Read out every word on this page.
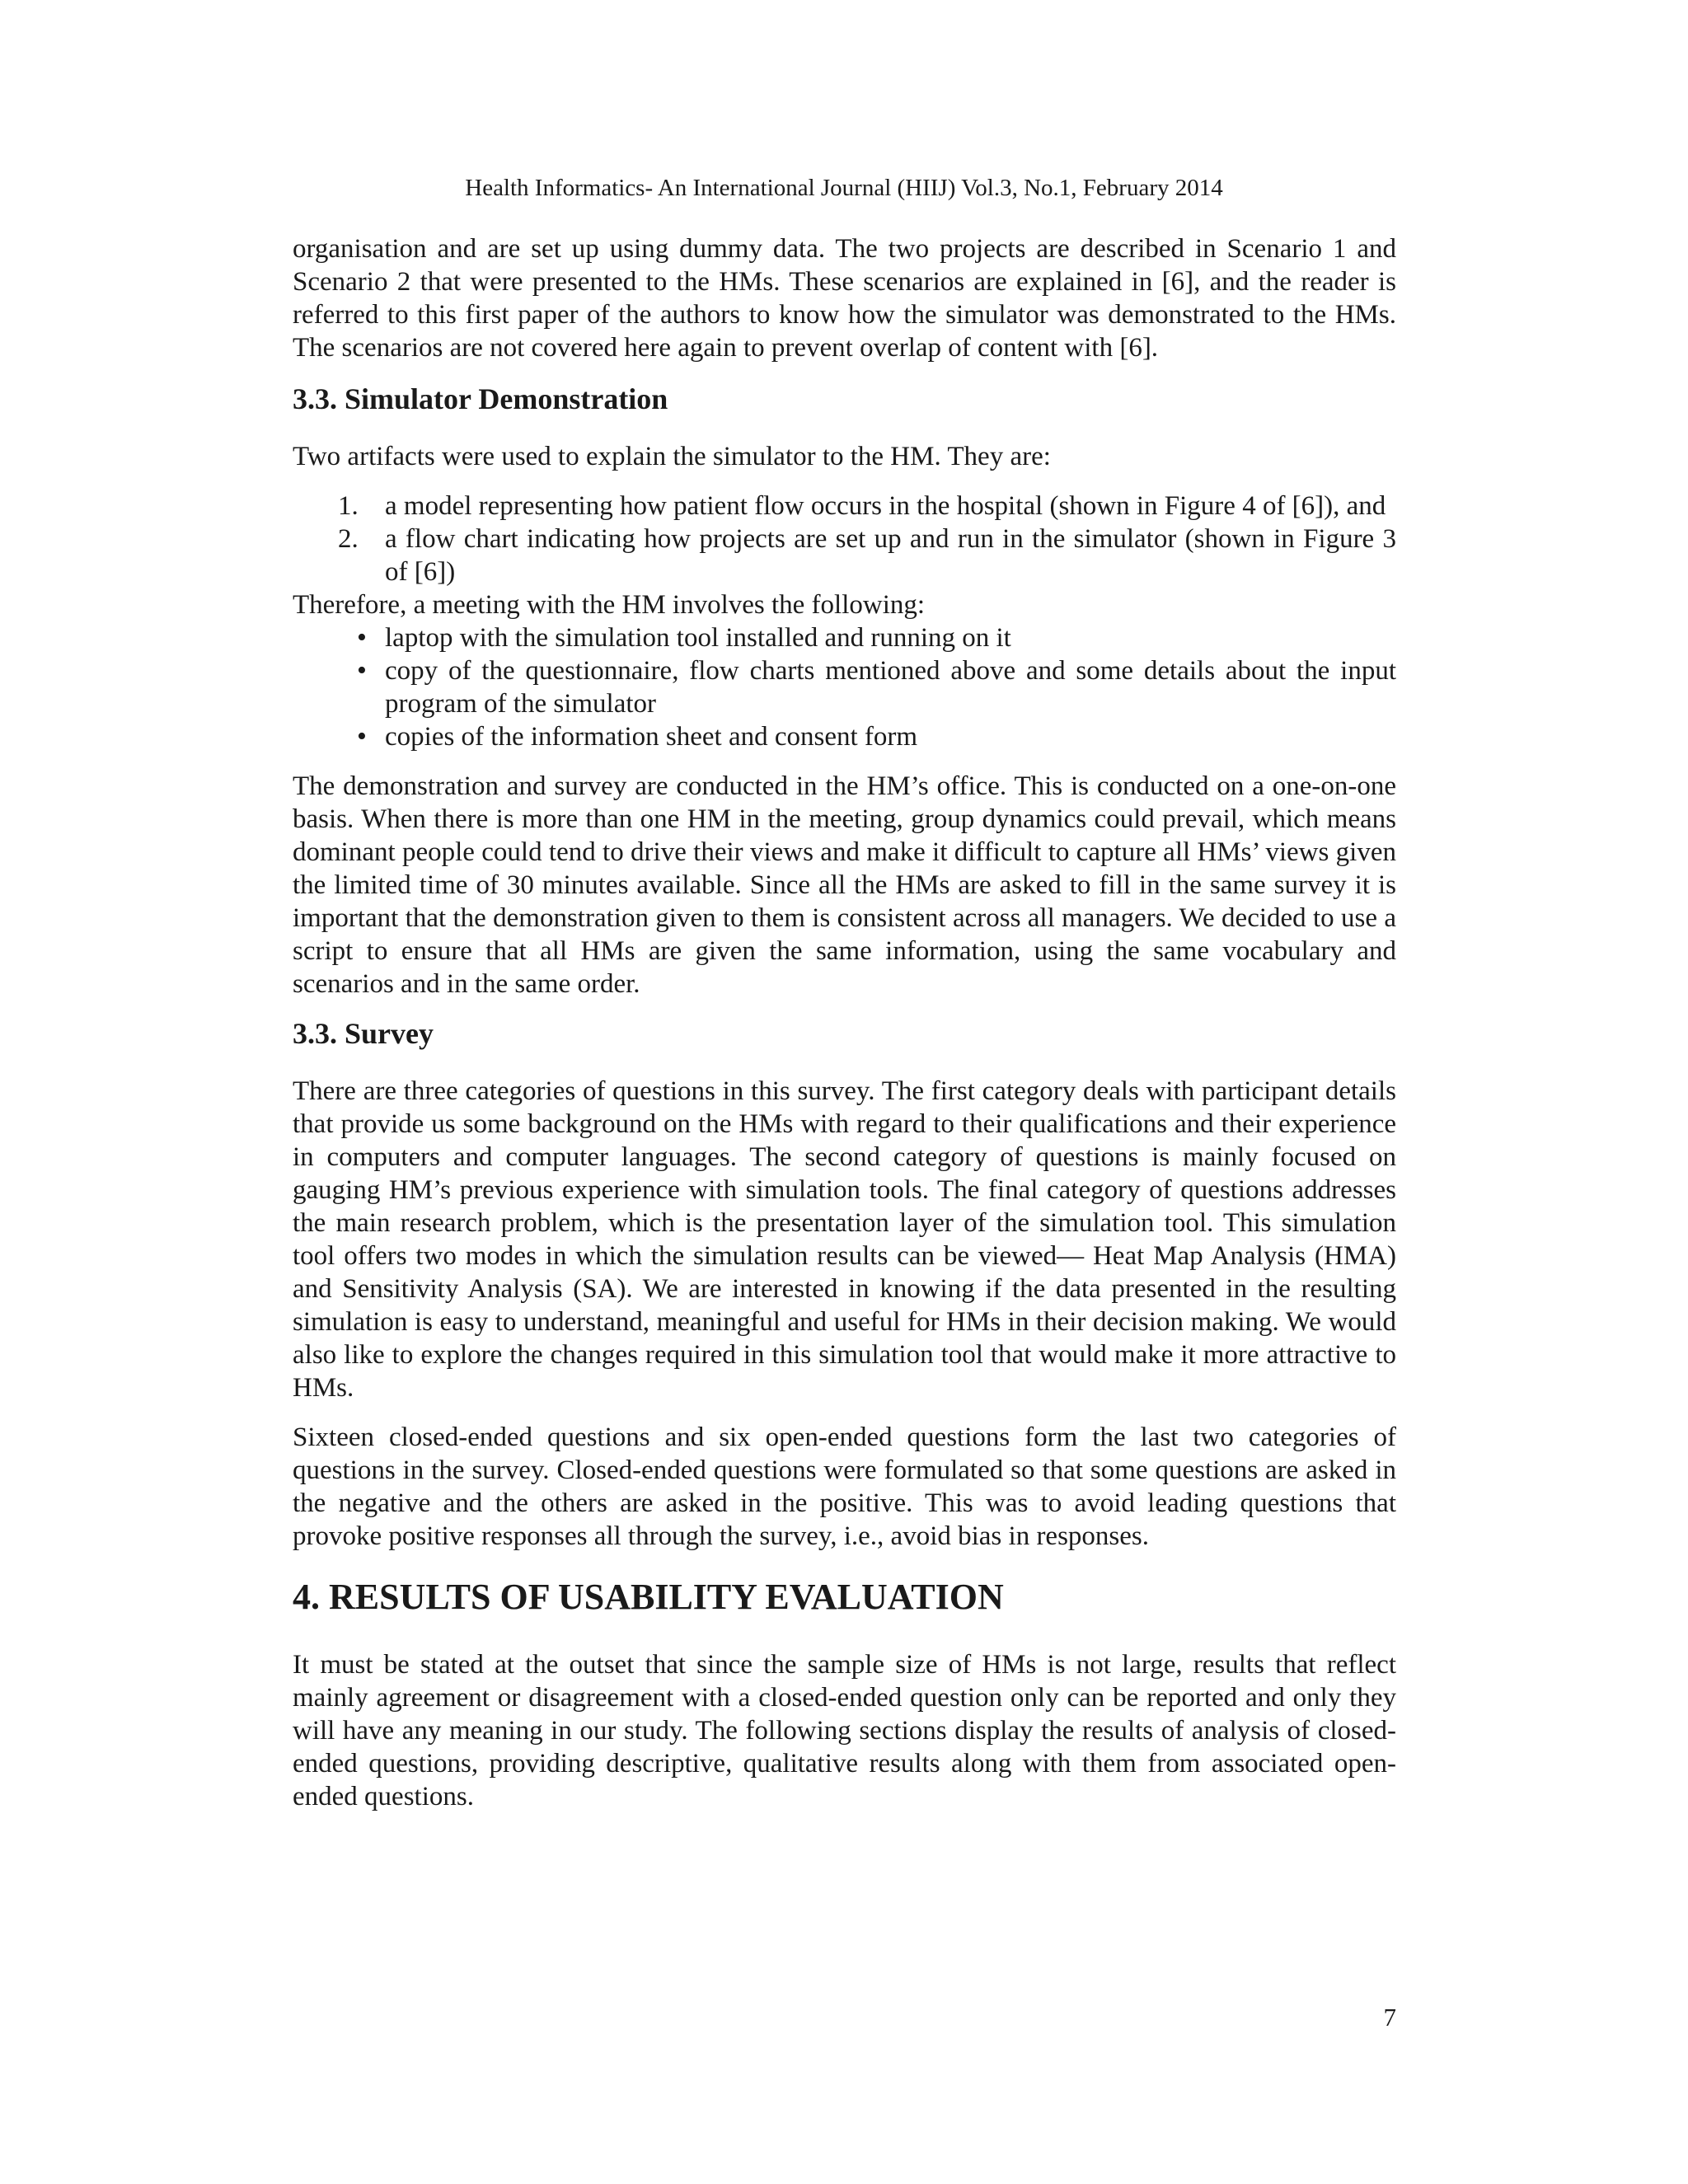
Health Informatics- An International Journal (HIIJ) Vol.3, No.1, February 2014

organisation and are set up using dummy data. The two projects are described in Scenario 1 and Scenario 2 that were presented to the HMs. These scenarios are explained in [6], and the reader is referred to this first paper of the authors to know how the simulator was demonstrated to the HMs. The scenarios are not covered here again to prevent overlap of content with [6].

3.3. Simulator Demonstration

Two artifacts were used to explain the simulator to the HM. They are:

1. a model representing how patient flow occurs in the hospital (shown in Figure 4 of [6]), and
2. a flow chart indicating how projects are set up and run in the simulator (shown in Figure 3 of [6])

Therefore, a meeting with the HM involves the following:

• laptop with the simulation tool installed and running on it
• copy of the questionnaire, flow charts mentioned above and some details about the input program of the simulator
• copies of the information sheet and consent form

The demonstration and survey are conducted in the HM’s office. This is conducted on a one-on-one basis. When there is more than one HM in the meeting, group dynamics could prevail, which means dominant people could tend to drive their views and make it difficult to capture all HMs’ views given the limited time of 30 minutes available. Since all the HMs are asked to fill in the same survey it is important that the demonstration given to them is consistent across all managers. We decided to use a script to ensure that all HMs are given the same information, using the same vocabulary and scenarios and in the same order.

3.3. Survey

There are three categories of questions in this survey. The first category deals with participant details that provide us some background on the HMs with regard to their qualifications and their experience in computers and computer languages. The second category of questions is mainly focused on gauging HM’s previous experience with simulation tools. The final category of questions addresses the main research problem, which is the presentation layer of the simulation tool. This simulation tool offers two modes in which the simulation results can be viewed— Heat Map Analysis (HMA) and Sensitivity Analysis (SA). We are interested in knowing if the data presented in the resulting simulation is easy to understand, meaningful and useful for HMs in their decision making. We would also like to explore the changes required in this simulation tool that would make it more attractive to HMs.

Sixteen closed-ended questions and six open-ended questions form the last two categories of questions in the survey. Closed-ended questions were formulated so that some questions are asked in the negative and the others are asked in the positive. This was to avoid leading questions that provoke positive responses all through the survey, i.e., avoid bias in responses.

4. RESULTS OF USABILITY EVALUATION

It must be stated at the outset that since the sample size of HMs is not large, results that reflect mainly agreement or disagreement with a closed-ended question only can be reported and only they will have any meaning in our study. The following sections display the results of analysis of closed-ended questions, providing descriptive, qualitative results along with them from associated open-ended questions.

7
